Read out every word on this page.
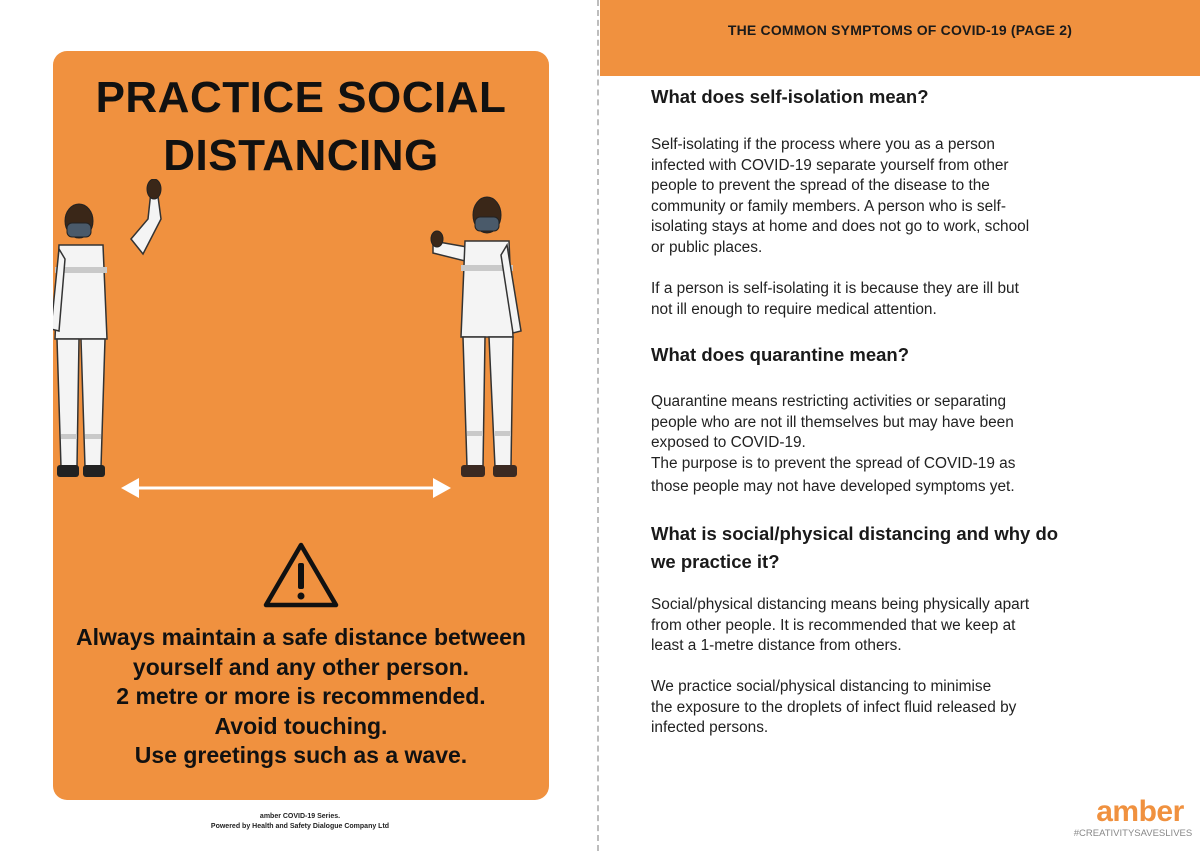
PRACTICE SOCIAL
DISTANCING
Always maintain a safe distance between
yourself and any other person.
2 metre or more is recommended.
Avoid touching.
Use greetings such as a wave.
amber COVID-19 Series.
Powered by Health and Safety Dialogue Company Ltd
THE COMMON SYMPTOMS OF COVID-19 (PAGE 2)
What does self-isolation mean?
Self-isolating if the process where you as a person
infected with COVID-19 separate yourself from other
people to prevent the spread of the disease to the
community or family members. A person who is self-
isolating stays at home and does not go to work, school
or public places.
If a person is self-isolating it is because they are ill but
not ill enough to require medical attention.
What does quarantine mean?
Quarantine means restricting activities or separating
people who are not ill themselves but may have been
exposed to COVID-19.
The purpose is to prevent the spread of COVID-19 as
those people may not have developed symptoms yet.
What is social/physical distancing and why do
we practice it?
Social/physical distancing means being physically apart
from other people. It is recommended that we keep at
least a 1-metre distance from others.
We practice social/physical distancing to minimise
the exposure to the droplets of infect fluid released by
infected persons.
amber
#CREATIVITYSAVESLIVES
